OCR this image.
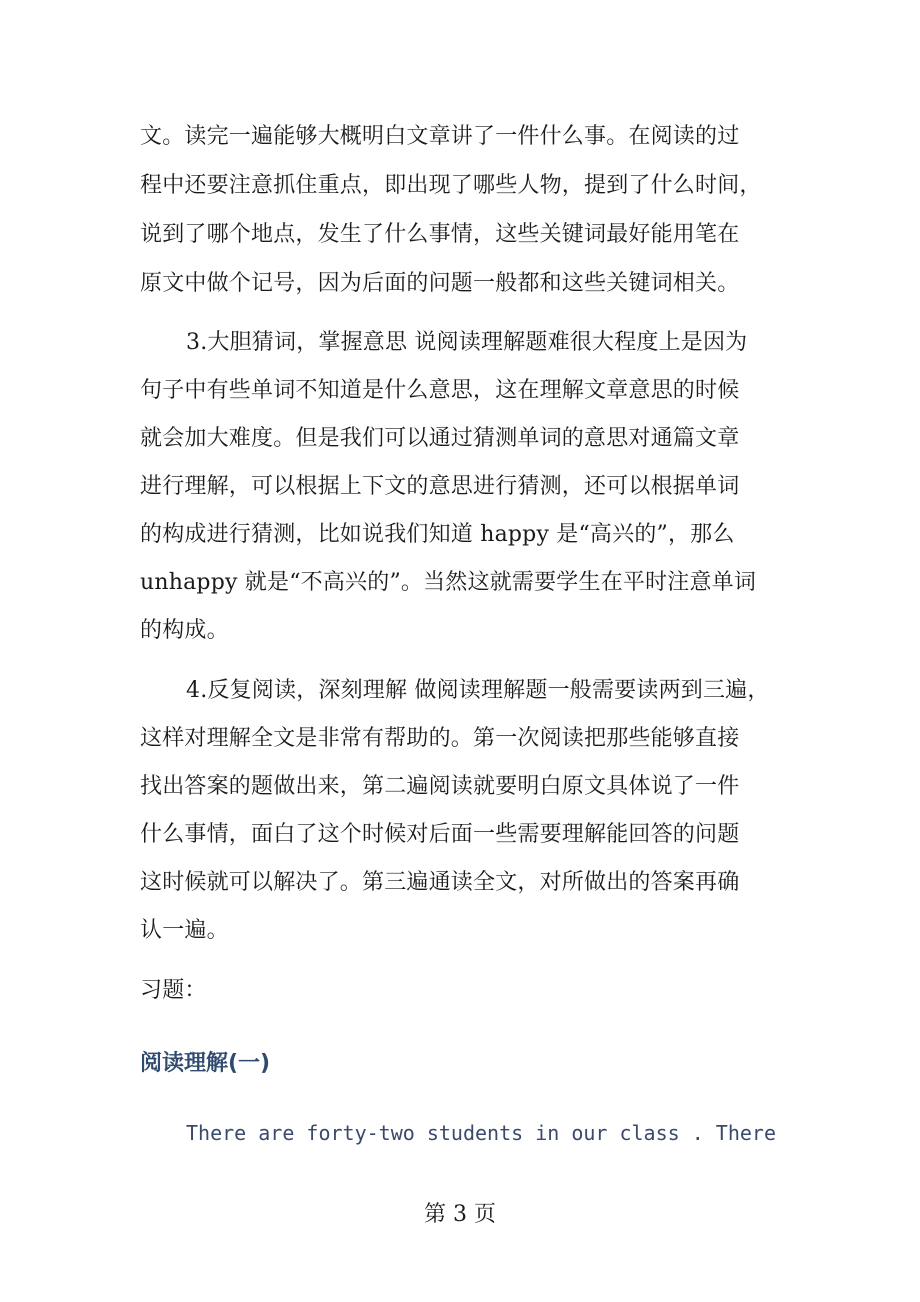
文。读完一遍能够大概明白文章讲了一件什么事。在阅读的过
程中还要注意抓住重点，即出现了哪些人物，提到了什么时间，
说到了哪个地点，发生了什么事情，这些关键词最好能用笔在
原文中做个记号，因为后面的问题一般都和这些关键词相关。
3.大胆猜词，掌握意思 说阅读理解题难很大程度上是因为
句子中有些单词不知道是什么意思，这在理解文章意思的时候
就会加大难度。但是我们可以通过猜测单词的意思对通篇文章
进行理解，可以根据上下文的意思进行猜测，还可以根据单词
的构成进行猜测，比如说我们知道 happy 是“高兴的”，那么
unhappy 就是“不高兴的”。当然这就需要学生在平时注意单词
的构成。
4.反复阅读，深刻理解 做阅读理解题一般需要读两到三遍，
这样对理解全文是非常有帮助的。第一次阅读把那些能够直接
找出答案的题做出来，第二遍阅读就要明白原文具体说了一件
什么事情，面白了这个时候对后面一些需要理解能回答的问题
这时候就可以解决了。第三遍通读全文，对所做出的答案再确
认一遍。
习题：
阅读理解(一)
There are forty-two students in our class . There
第 3 页
